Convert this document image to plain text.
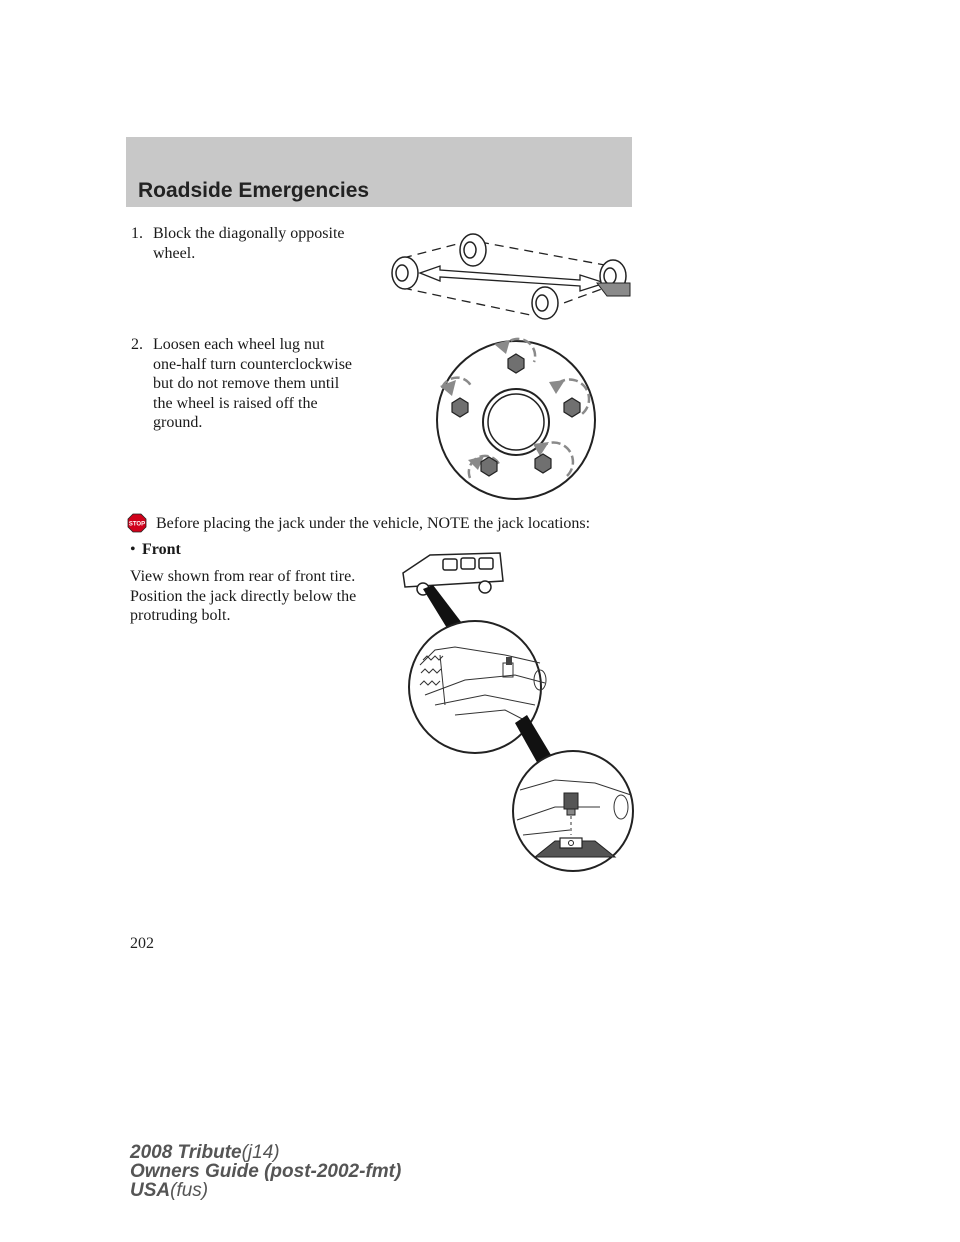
Roadside Emergencies
1. Block the diagonally opposite
wheel.
2. Loosen each wheel lug nut
one-half turn counterclockwise
but do not remove them until
the wheel is raised off the
ground.
STOP Before placing the jack under the vehicle, NOTE the jack locations:
• Front
View shown from rear of front tire.
Position the jack directly below the
protruding bolt.
202
2008 Tribute(j14)
Owners Guide (post-2002-fmt)
USA(fus)
